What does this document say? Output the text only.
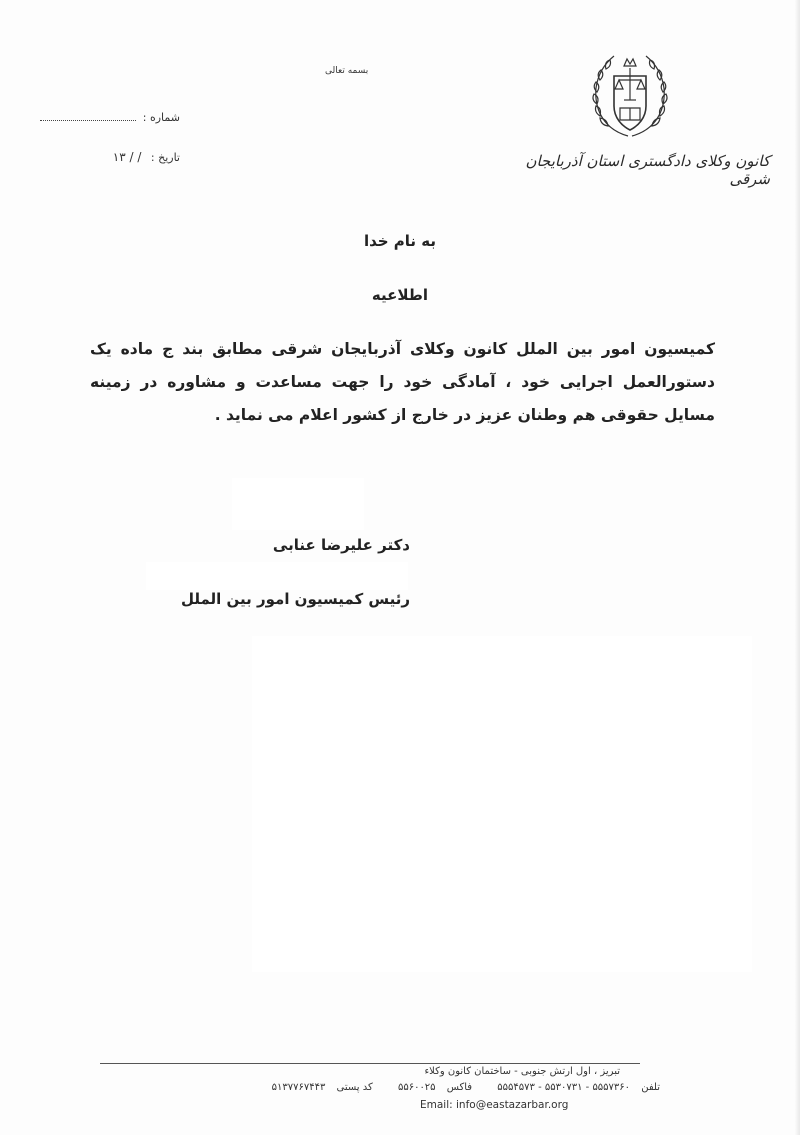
بسمه تعالی
کانون وکلای دادگستری استان آذربایجان شرقی
شماره :
تاریخ : / / ۱۳
به نام خدا
اطلاعیه
کمیسیون امور بین الملل کانون وکلای آذربایجان شرقی مطابق بند ج ماده یک دستورالعمل اجرایی خود ، آمادگی خود را جهت مساعدت و مشاوره در زمینه مسایل حقوقی هم وطنان عزیز در خارج از کشور اعلام می نماید .
دکتر علیرضا عنابی
رئیس کمیسیون امور بین الملل
تبریز ، اول ارتش جنوبی - ساختمان کانون وکلاء
تلفن ۵۵۵۷۳۶۰ - ۵۵۳۰۷۳۱ - ۵۵۵۴۵۷۳ فاکس ۵۵۶۰۰۲۵ کد پستی ۵۱۳۷۷۶۷۴۴۳
Email: info@eastazarbar.org
